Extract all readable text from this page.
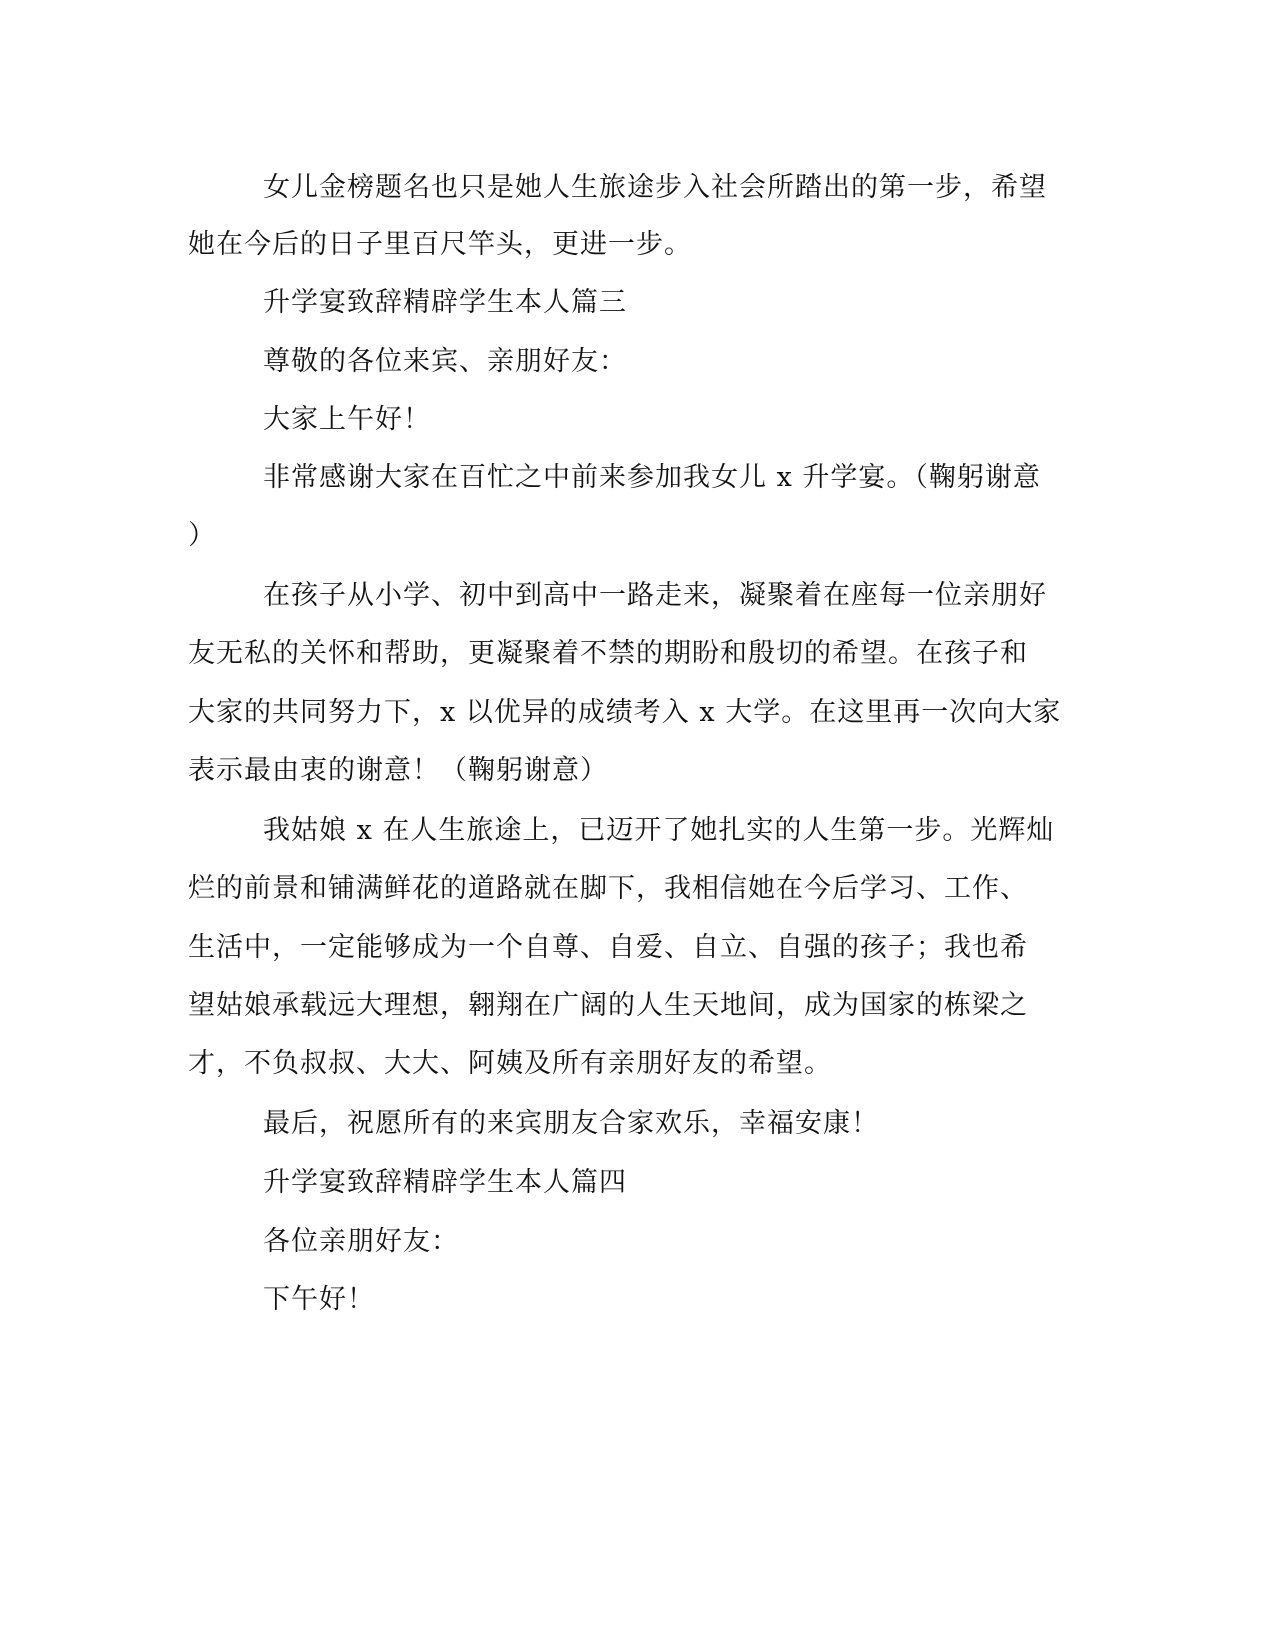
女儿金榜题名也只是她人生旅途步入社会所踏出的第一步，希望
她在今后的日子里百尺竿头，更进一步。
升学宴致辞精辟学生本人篇三
尊敬的各位来宾、亲朋好友：
大家上午好！
非常感谢大家在百忙之中前来参加我女儿 x 升学宴。（鞠躬谢意
）
在孩子从小学、初中到高中一路走来，凝聚着在座每一位亲朋好
友无私的关怀和帮助，更凝聚着不禁的期盼和殷切的希望。在孩子和
大家的共同努力下，x 以优异的成绩考入 x 大学。在这里再一次向大家
表示最由衷的谢意！（鞠躬谢意）
我姑娘 x 在人生旅途上，已迈开了她扎实的人生第一步。光辉灿
烂的前景和铺满鲜花的道路就在脚下，我相信她在今后学习、工作、
生活中，一定能够成为一个自尊、自爱、自立、自强的孩子；我也希
望姑娘承载远大理想，翱翔在广阔的人生天地间，成为国家的栋梁之
才，不负叔叔、大大、阿姨及所有亲朋好友的希望。
最后，祝愿所有的来宾朋友合家欢乐，幸福安康！
升学宴致辞精辟学生本人篇四
各位亲朋好友：
下午好！
